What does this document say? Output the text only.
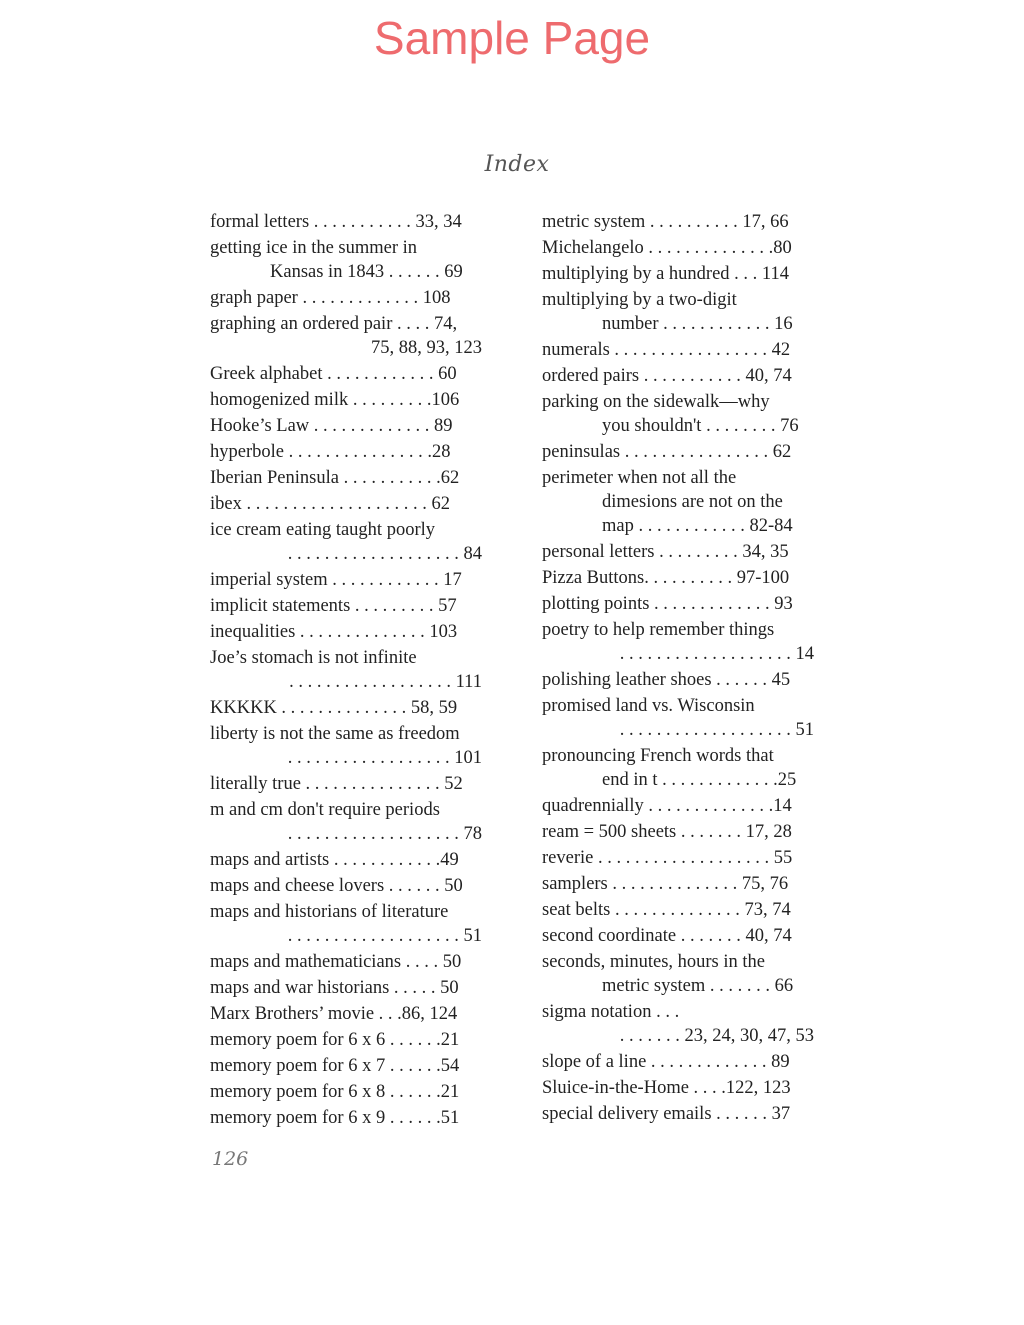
Sample Page
Index
formal letters . . . . . . . . . . . 33, 34
getting ice in the summer in
Kansas in 1843 . . . . . . 69
graph paper . . . . . . . . . . . . . 108
graphing an ordered pair . . . . 74,
75, 88, 93, 123
Greek alphabet . . . . . . . . . . . . 60
homogenized milk . . . . . . . . .106
Hooke’s Law . . . . . . . . . . . . . 89
hyperbole . . . . . . . . . . . . . . . .28
Iberian Peninsula . . . . . . . . . . .62
ibex . . . . . . . . . . . . . . . . . . . . 62
ice cream eating taught poorly
. . . . . . . . . . . . . . . . . . . 84
imperial system . . . . . . . . . . . . 17
implicit statements . . . . . . . . . 57
inequalities . . . . . . . . . . . . . . 103
Joe’s stomach is not infinite
. . . . . . . . . . . . . . . . . . 111
KKKKK . . . . . . . . . . . . . . 58, 59
liberty is not the same as freedom
. . . . . . . . . . . . . . . . . . 101
literally true . . . . . . . . . . . . . . . 52
m and cm don't require periods
. . . . . . . . . . . . . . . . . . . 78
maps and artists . . . . . . . . . . . .49
maps and cheese lovers . . . . . . 50
maps and historians of literature
. . . . . . . . . . . . . . . . . . . 51
maps and mathematicians . . . . 50
maps and war historians . . . . . 50
Marx Brothers’ movie . . .86, 124
memory poem for 6 x 6 . . . . . .21
memory poem for 6 x 7 . . . . . .54
memory poem for 6 x 8 . . . . . .21
memory poem for 6 x 9 . . . . . .51
metric system . . . . . . . . . . 17, 66
Michelangelo . . . . . . . . . . . . . .80
multiplying by a hundred . . . 114
multiplying by a two-digit
number . . . . . . . . . . . . 16
numerals . . . . . . . . . . . . . . . . . 42
ordered pairs . . . . . . . . . . . 40, 74
parking on the sidewalk—why
you shouldn't . . . . . . . . 76
peninsulas . . . . . . . . . . . . . . . . 62
perimeter when not all the
dimesions are not on the
map . . . . . . . . . . . . 82-84
personal letters . . . . . . . . . 34, 35
Pizza Buttons. . . . . . . . . . 97-100
plotting points . . . . . . . . . . . . . 93
poetry to help remember things
. . . . . . . . . . . . . . . . . . . 14
polishing leather shoes . . . . . . 45
promised land vs. Wisconsin
. . . . . . . . . . . . . . . . . . . 51
pronouncing French words that
end in t . . . . . . . . . . . . .25
quadrennially . . . . . . . . . . . . . .14
ream = 500 sheets . . . . . . . 17, 28
reverie . . . . . . . . . . . . . . . . . . . 55
samplers . . . . . . . . . . . . . . 75, 76
seat belts . . . . . . . . . . . . . . 73, 74
second coordinate . . . . . . . 40, 74
seconds, minutes, hours in the
metric system . . . . . . . 66
sigma notation . . .
. . . . . . . 23, 24, 30, 47, 53
slope of a line . . . . . . . . . . . . . 89
Sluice-in-the-Home . . . .122, 123
special delivery emails . . . . . . 37
126
